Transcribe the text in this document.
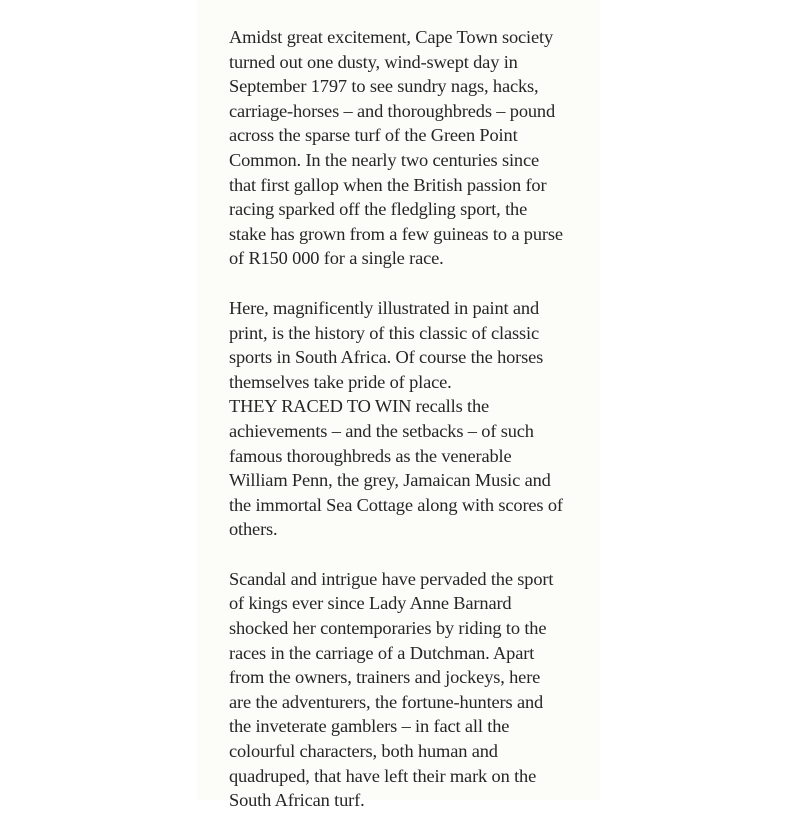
Amidst great excitement, Cape Town society
turned out one dusty, wind-swept day in
September 1797 to see sundry nags, hacks,
carriage-horses – and thoroughbreds – pound
across the sparse turf of the Green Point
Common. In the nearly two centuries since
that first gallop when the British passion for
racing sparked off the fledgling sport, the
stake has grown from a few guineas to a purse
of R150 000 for a single race.

Here, magnificently illustrated in paint and
print, is the history of this classic of classic
sports in South Africa. Of course the horses
themselves take pride of place.
THEY RACED TO WIN recalls the
achievements – and the setbacks – of such
famous thoroughbreds as the venerable
William Penn, the grey, Jamaican Music and
the immortal Sea Cottage along with scores of
others.

Scandal and intrigue have pervaded the sport
of kings ever since Lady Anne Barnard
shocked her contemporaries by riding to the
races in the carriage of a Dutchman. Apart
from the owners, trainers and jockeys, here
are the adventurers, the fortune-hunters and
the inveterate gamblers – in fact all the
colourful characters, both human and
quadruped, that have left their mark on the
South African turf.
